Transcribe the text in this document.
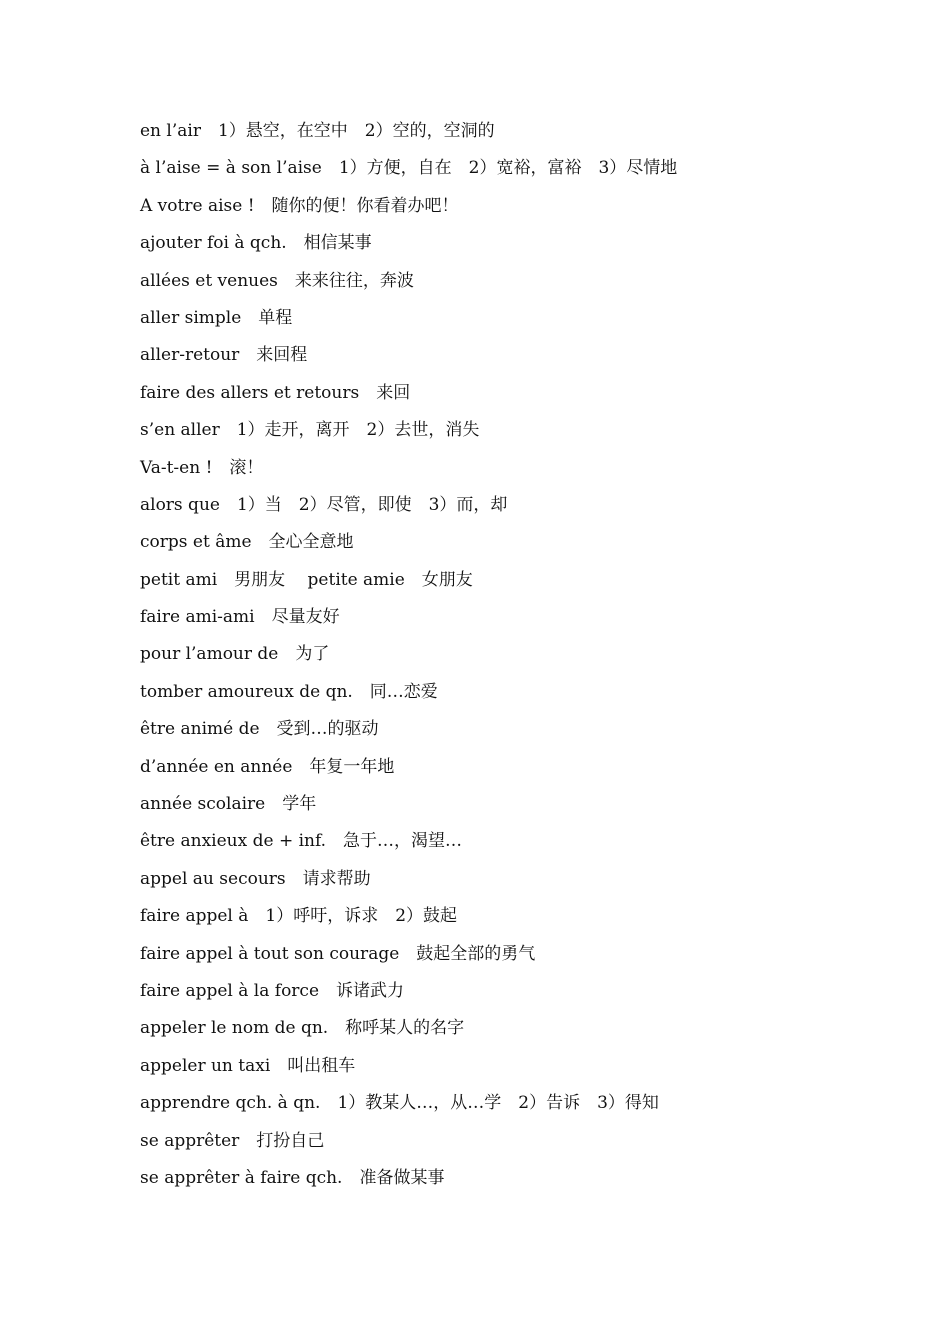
en l’air　1）悬空，在空中　2）空的，空洞的
à l’aise = à son l’aise　1）方便，自在　2）宽裕，富裕　3）尽情地
A votre aise !　随你的便！你看着办吧！
ajouter foi à qch.　相信某事
allées et venues　来来往往，奔波
aller simple　单程
aller-retour　来回程
faire des allers et retours　来回
s’en aller　1）走开，离开　2）去世，消失
Va-t-en !　滚！
alors que　1）当　2）尽管，即使　3）而，却
corps et âme　全心全意地
petit ami　男朋友　 petite amie　女朋友
faire ami-ami　尽量友好
pour l’amour de　为了
tomber amoureux de qn.　同…恋爱
être animé de　受到…的驱动
d’année en année　年复一年地
année scolaire　学年
être anxieux de + inf.　急于…，渴望…
appel au secours　请求帮助
faire appel à　1）呼吁，诉求　2）鼓起
faire appel à tout son courage　鼓起全部的勇气
faire appel à la force　诉诸武力
appeler le nom de qn.　称呼某人的名字
appeler un taxi　叫出租车
apprendre qch. à qn.　1）教某人…，从…学　2）告诉　3）得知
se apprêter　打扮自己
se apprêter à faire qch.　准备做某事
